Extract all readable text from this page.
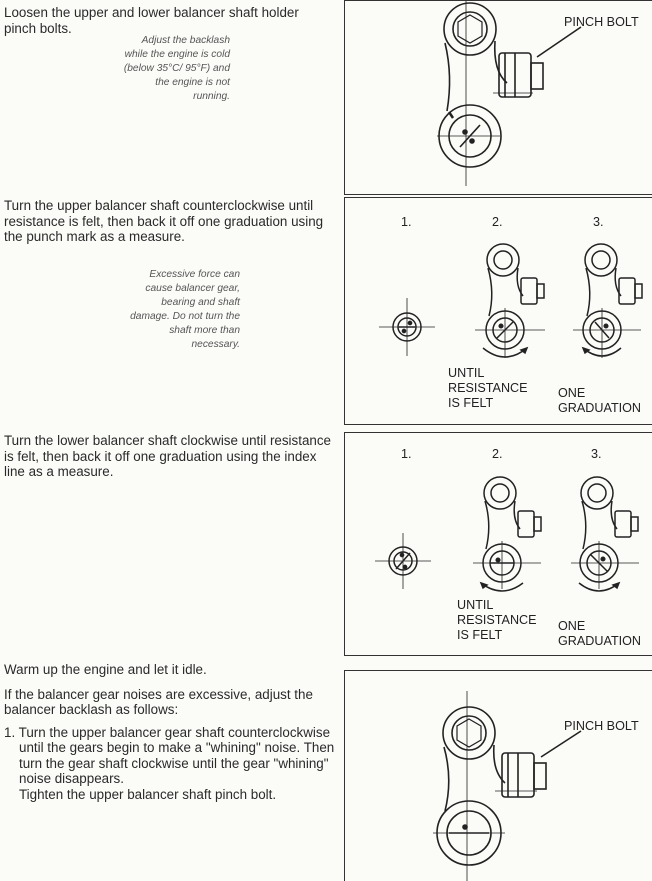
Loosen the upper and lower balancer shaft holder pinch bolts.

Adjust the backlash while the engine is cold (below 35°C/ 95°F) and the engine is not running.
PINCH BOLT

Turn the upper balancer shaft counterclockwise until resistance is felt, then back it off one graduation using the punch mark as a measure.

Excessive force can cause balancer gear, bearing and shaft damage. Do not turn the shaft more than necessary.
1.	2.	3.
UNTIL RESISTANCE IS FELT
ONE GRADUATION

Turn the lower balancer shaft clockwise until resistance is felt, then back it off one graduation using the index line as a measure.

1.	2.	3.
UNTIL RESISTANCE IS FELT
ONE GRADUATION

Warm up the engine and let it idle.

If the balancer gear noises are excessive, adjust the balancer backlash as follows:

1. Turn the upper balancer gear shaft counterclockwise until the gears begin to make a "whining" noise. Then turn the gear shaft clockwise until the gear "whining" noise disappears.

Tighten the upper balancer shaft pinch bolt.

PINCH BOLT
